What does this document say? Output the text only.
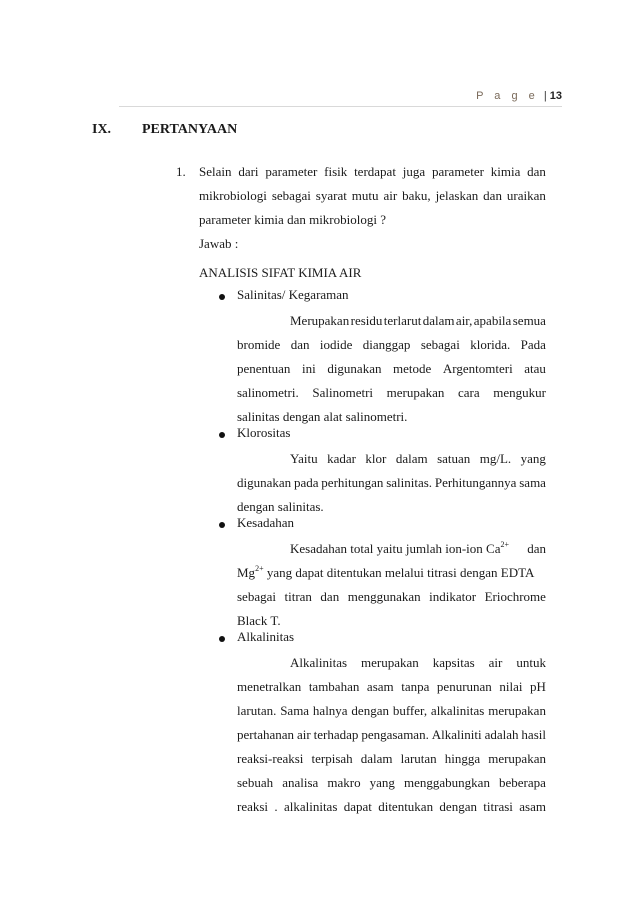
P a g e | 13
IX. PERTANYAAN
1. Selain dari parameter fisik terdapat juga parameter kimia dan
mikrobiologi sebagai syarat mutu air baku, jelaskan dan uraikan
parameter kimia dan mikrobiologi ?
Jawab :
ANALISIS SIFAT KIMIA AIR
Salinitas/ Kegaraman
Merupakan residu terlarut dalam air, apabila semua
bromide dan iodide dianggap sebagai klorida. Pada
penentuan ini digunakan metode Argentomteri atau
salinometri. Salinometri merupakan cara mengukur
salinitas dengan alat salinometri.
Klorositas
Yaitu kadar klor dalam satuan mg/L. yang
digunakan pada perhitungan salinitas. Perhitungannya sama
dengan salinitas.
Kesadahan
Kesadahan total yaitu jumlah ion-ion $Ca^{2+}$ dan
$Mg^{2+}$ yang dapat ditentukan melalui titrasi dengan EDTA
sebagai titran dan menggunakan indikator Eriochrome
Black T.
Alkalinitas
Alkalinitas merupakan kapsitas air untuk
menetralkan tambahan asam tanpa penurunan nilai pH
larutan. Sama halnya dengan buffer, alkalinitas merupakan
pertahanan air terhadap pengasaman. Alkaliniti adalah hasil
reaksi-reaksi terpisah dalam larutan hingga merupakan
sebuah analisa makro yang menggabungkan beberapa
reaksi . alkalinitas dapat ditentukan dengan titrasi asam
